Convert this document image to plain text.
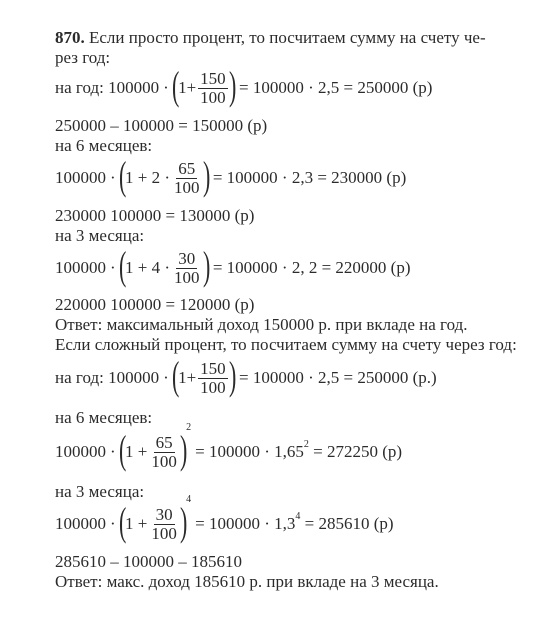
870. Если просто процент, то посчитаем сумму на счету че-
рез год:
на год: 100000 · (
$1+ \frac{150}{100}$ ) = 100000 · 2,5 = 250000 (р)
250000 – 100000 = 150000 (р)
на 6 месяцев:
100000 · (
$1 + 2 \cdot \frac{65}{100}$ ) = 100000 · 2,3 = 230000 (р)
230000 100000 = 130000 (р)
на 3 месяца:
100000 · (
$1 + 4 \cdot \frac{30}{100}$ ) = 100000 · 2, 2 = 220000 (р)
220000 100000 = 120000 (р)
Ответ: максимальный доход 150000 р. при вкладе на год.
Если сложный процент, то посчитаем сумму на счету через год:
на год: 100000 · (
$1+ \frac{150}{100}$ ) = 100000 · 2,5 = 250000 (р.)
на 6 месяцев:
100000 · (
$1 + \frac{65}{100}$ )
$^2$
= $100000 \cdot 1,65^2 = 272250$ (р)
на 3 месяца:
100000 · (
$1 + \frac{30}{100}$ )
$^4$
= $100000 \cdot 1,3^4 = 285610$ (р)
285610 – 100000 – 185610
Ответ: макс. доход 185610 р. при вкладе на 3 месяца.
